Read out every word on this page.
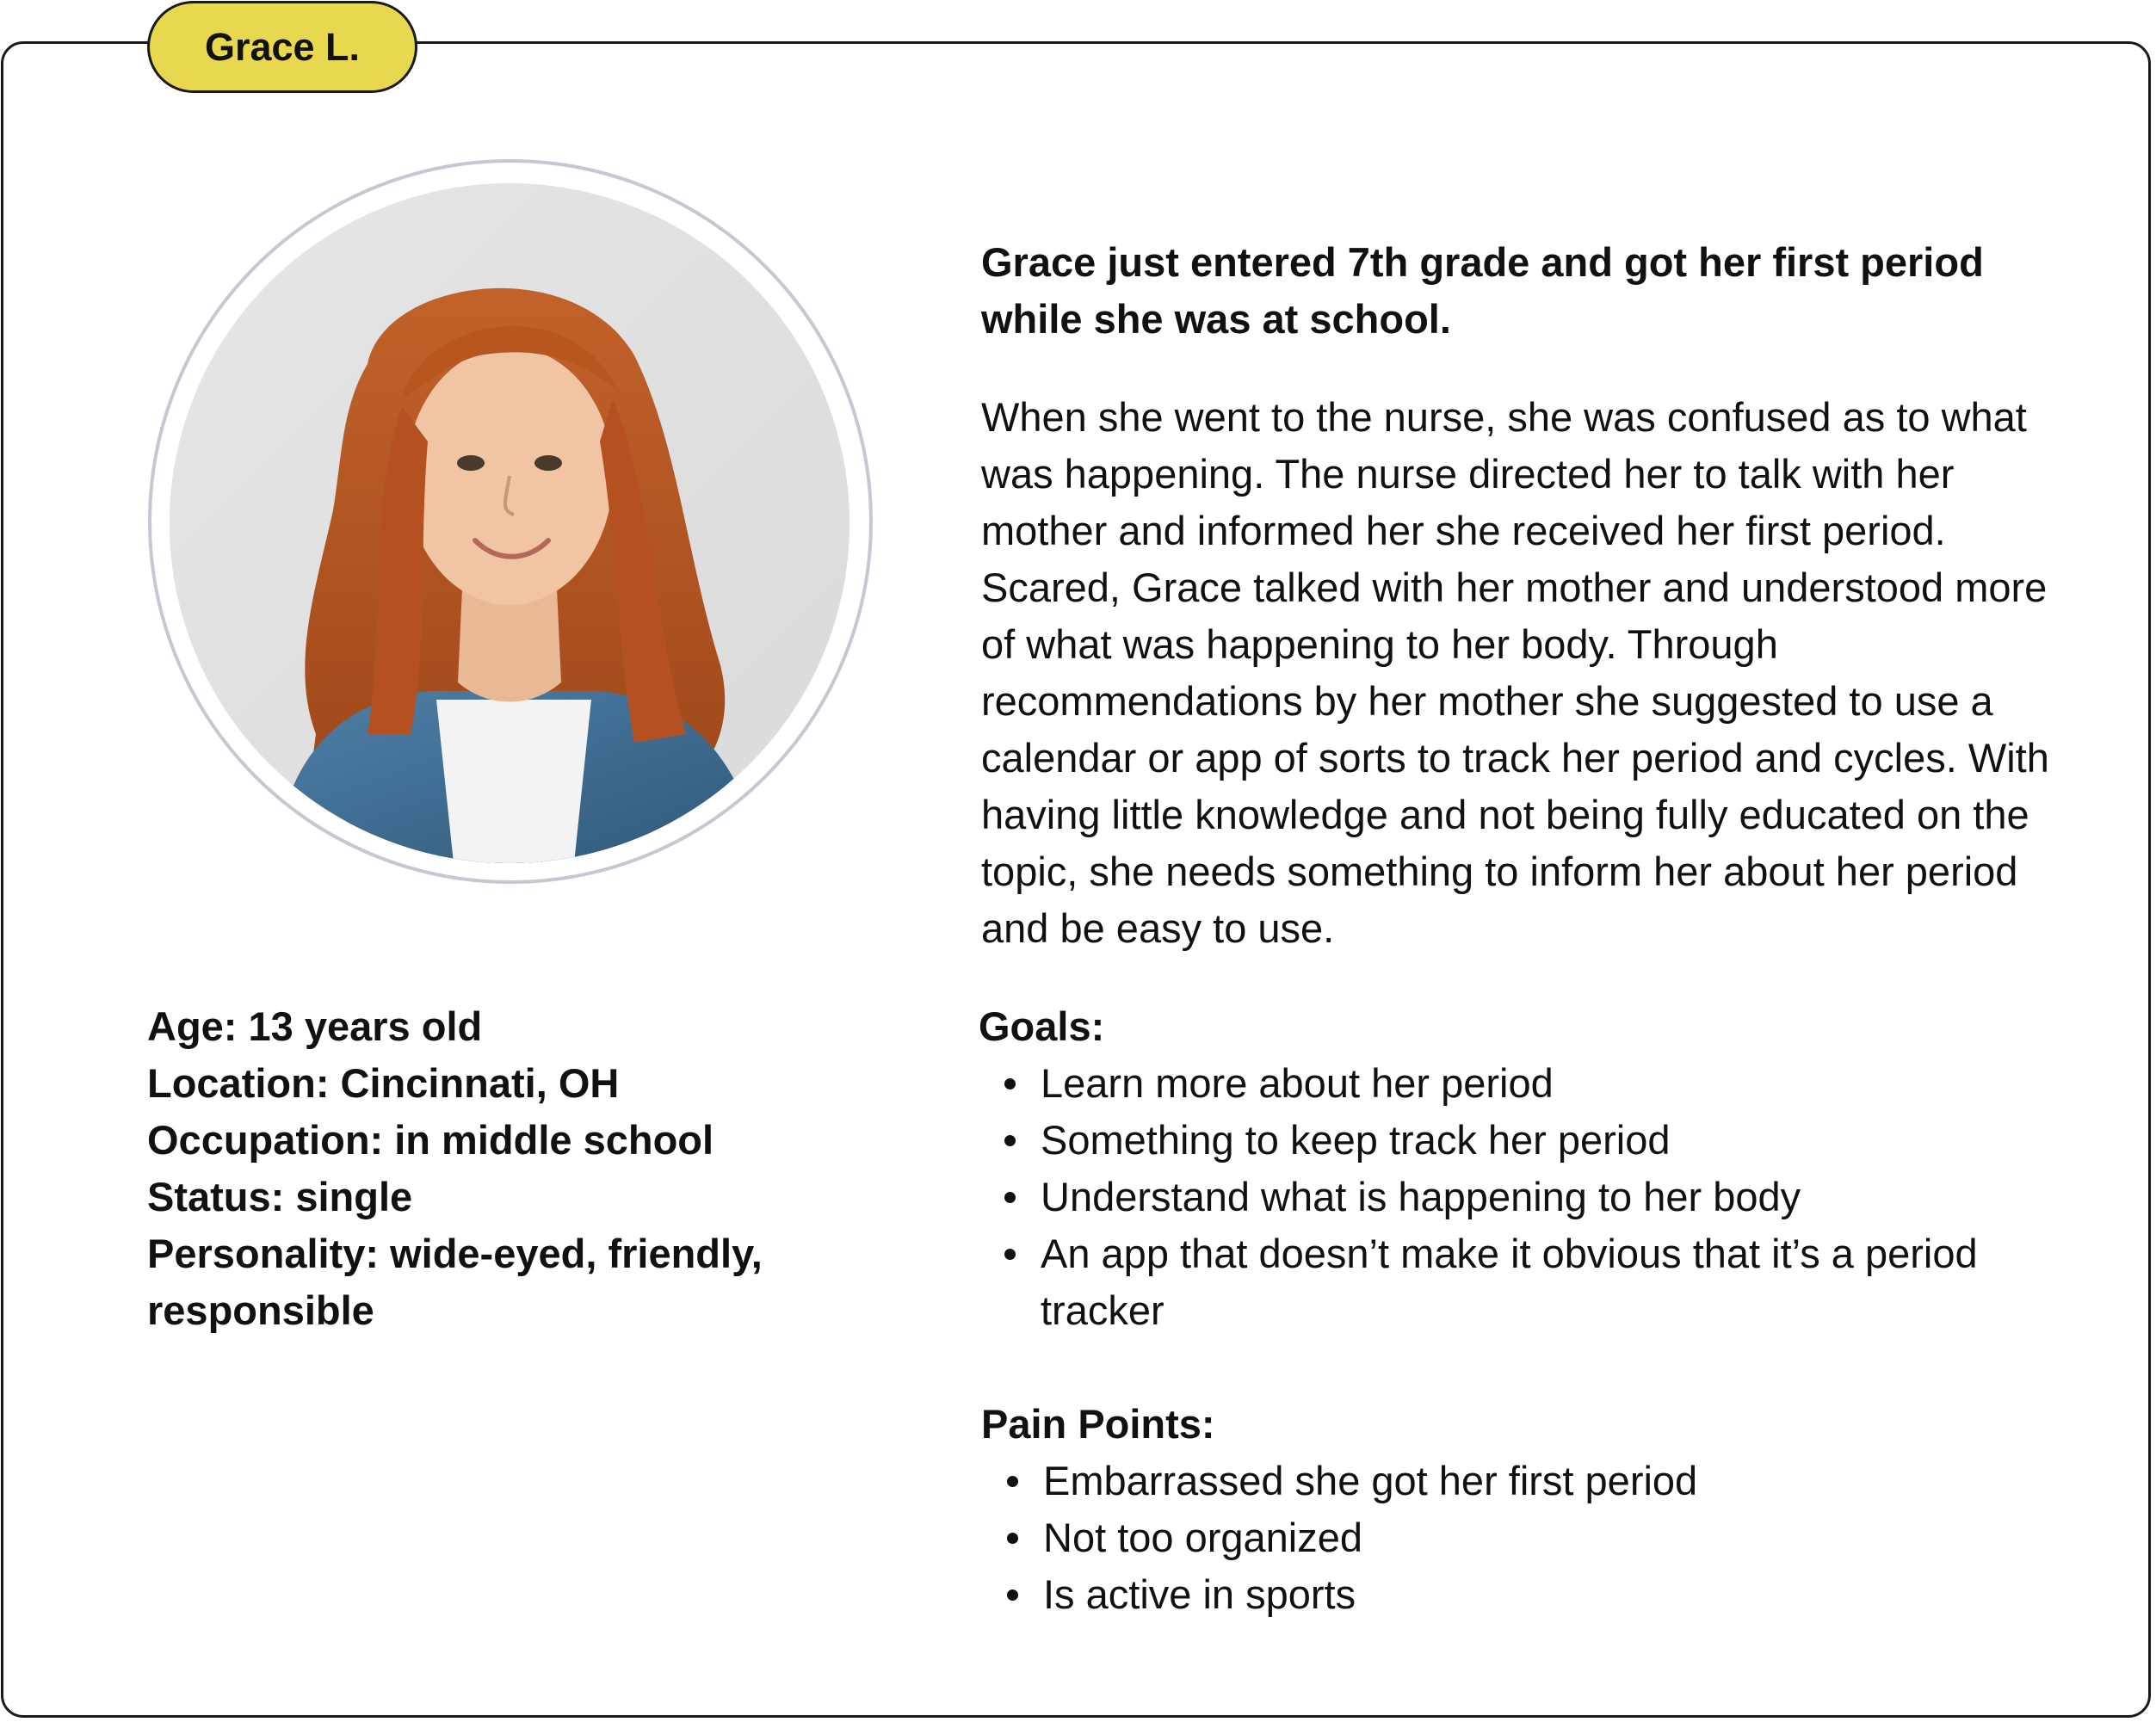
Grace L.
Age: 13 years old
Location: Cincinnati, OH
Occupation: in middle school
Status: single
Personality: wide-eyed, friendly, responsible
Grace just entered 7th grade and got her first period while she was at school.
When she went to the nurse, she was confused as to what was happening. The nurse directed her to talk with her mother and informed her she received her first period. Scared, Grace talked with her mother and understood more of what was happening to her body. Through recommendations by her mother she suggested to use a calendar or app of sorts to track her period and cycles. With having little knowledge and not being fully educated on the topic, she needs something to inform her about her period and be easy to use.
Goals:
Learn more about her period
Something to keep track her period
Understand what is happening to her body
An app that doesn’t make it obvious that it’s a period tracker
Pain Points:
Embarrassed she got her first period
Not too organized
Is active in sports
